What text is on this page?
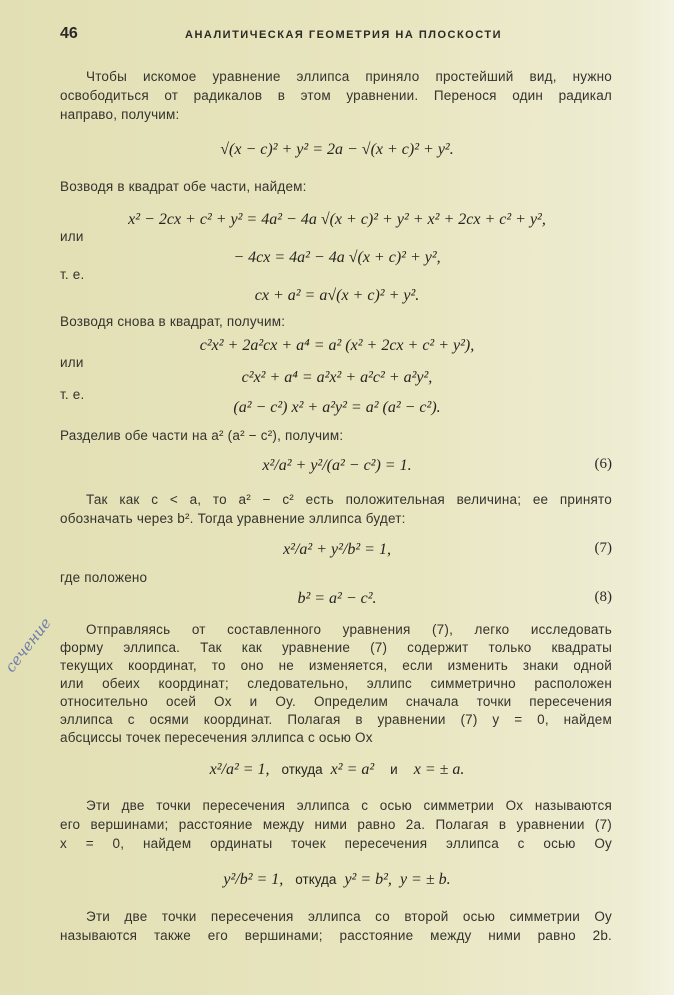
46	АНАЛИТИЧЕСКАЯ ГЕОМЕТРИЯ НА ПЛОСКОСТИ
сечение
Чтобы искомое уравнение эллипса приняло простейший вид, нужно
освободиться от радикалов в этом уравнении. Перенося один радикал
направо, получим:
√(x − c)² + y² = 2a − √(x + c)² + y².
Возводя в квадрат обе части, найдем:
x² − 2cx + c² + y² = 4a² − 4a √(x + c)² + y² + x² + 2cx + c² + y²,
или
− 4cx = 4a² − 4a √(x + c)² + y²,
т. е.
cx + a² = a√(x + c)² + y².
Возводя снова в квадрат, получим:
c²x² + 2a²cx + a⁴ = a² (x² + 2cx + c² + y²),
или
c²x² + a⁴ = a²x² + a²c² + a²y²,
т. е.
(a² − c²) x² + a²y² = a² (a² − c²).
Разделив обе части на a² (a² − c²), получим:
x²/a² + y²/(a² − c²) = 1.	(6)
Так как c < a, то a² − c² есть положительная величина; ее принято
обозначать через b². Тогда уравнение эллипса будет:
x²/a² + y²/b² = 1,	(7)
где положено
b² = a² − c².	(8)
Отправляясь от составленного уравнения (7), легко исследовать
форму эллипса. Так как уравнение (7) содержит только квадраты
текущих координат, то оно не изменяется, если изменить знаки одной
или обеих координат; следовательно, эллипс симметрично расположен
относительно осей Ox и Oy. Определим сначала точки пересечения
эллипса с осями координат. Полагая в уравнении (7) y = 0, найдем
абсциссы точек пересечения эллипса с осью Ox
x²/a² = 1, откуда x² = a² и x = ± a.
Эти две точки пересечения эллипса с осью симметрии Ox называются
его вершинами; расстояние между ними равно 2a. Полагая в уравнении (7)
x = 0, найдем ординаты точек пересечения эллипса с осью Oy
y²/b² = 1, откуда y² = b², y = ± b.
Эти две точки пересечения эллипса со второй осью симметрии Oy
называются также его вершинами; расстояние между ними равно 2b.
